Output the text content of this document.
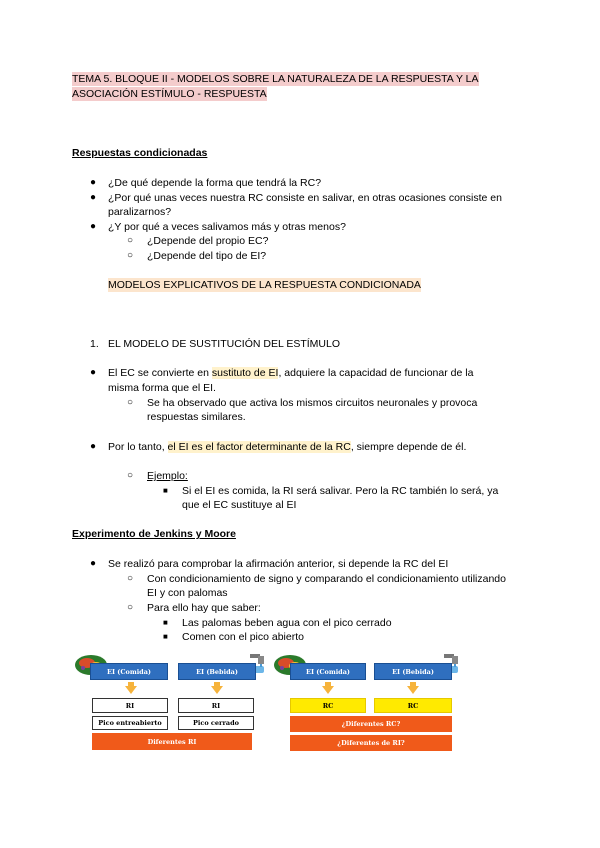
TEMA 5. BLOQUE II - MODELOS SOBRE LA NATURALEZA DE LA RESPUESTA Y LA
ASOCIACIÓN ESTÍMULO - RESPUESTA
Respuestas condicionadas
● ¿De qué depende la forma que tendrá la RC?
● ¿Por qué unas veces nuestra RC consiste en salivar, en otras ocasiones consiste en
paralizarnos?
● ¿Y por qué a veces salivamos más y otras menos?
○ ¿Depende del propio EC?
○ ¿Depende del tipo de EI?
MODELOS EXPLICATIVOS DE LA RESPUESTA CONDICIONADA
1. EL MODELO DE SUSTITUCIÓN DEL ESTÍMULO
● El EC se convierte en sustituto de EI, adquiere la capacidad de funcionar de la
misma forma que el EI.
○ Se ha observado que activa los mismos circuitos neuronales y provoca
respuestas similares.
● Por lo tanto, el EI es el factor determinante de la RC, siempre depende de él.
○ Ejemplo:
■ Si el EI es comida, la RI será salivar. Pero la RC también lo será, ya
que el EC sustituye al EI
Experimento de Jenkins y Moore
● Se realizó para comprobar la afirmación anterior, si depende la RC del EI
○ Con condicionamiento de signo y comparando el condicionamiento utilizando
EI y con palomas
○ Para ello hay que saber:
■ Las palomas beben agua con el pico cerrado
■ Comen con el pico abierto
EI (Comida)	EI (Bebida)
RI	RI
Pico entreabierto	Pico cerrado
Diferentes RI
EI (Comida)	EI (Bebida)
RC	RC
¿Diferentes RC?
¿Diferentes de RI?
